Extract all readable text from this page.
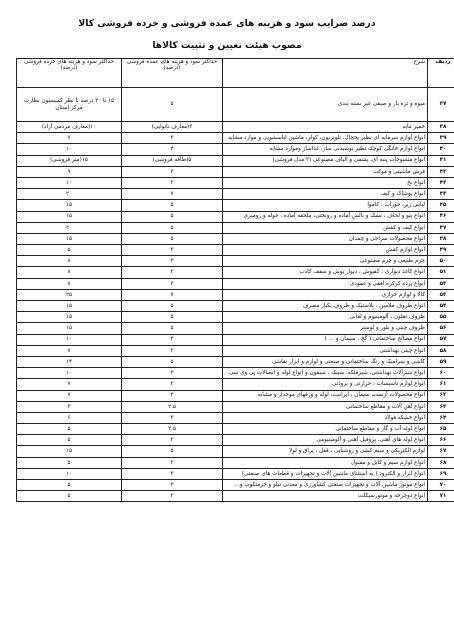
درصد ضرایب سود و هزینه های عمده فروشی و خرده فروشی کالا
مصوب هیئت تعیین و تثبیت کالاها
ردیف	شرح	حداکثر سود و هزینه های عمده فروشی (درصد)	حداکثر سود و هزینه های خرده فروشی (درصد)
۳۷	میوه و تره بار و صیفی غیر بسته بندی	۵	۱۵ تا ۳۰ درصد با نظر کمیسیون نظارت مرکز استان
۳۸	خمیر مایه	۳(معارف نانوایی)	۱۰(معارف مردمی آزاد)
۳۹	انواع لوازم سرمایه ای نظیر یخچال، تلویزیون، کولر، ماشین لباسشویی و موارد مشابه	۳	۷
۴۰	انواع لوازم خانگی کوچک نظیر نوشیدنی ساز، غذاساز وموارد مشابه	۴	۱۰
۴۱	انواع منسوجات پنبه ای، پشمی و الیاف مصنوعی (۳ مدل فروشی)	۵(طاقه فروشی)	۱۵(متر فروشی)
۴۲	فرش ماشینی و موکت	۳	۹
۴۳	انواع نخ	۳	۱۰
۴۴	انواع پوشاک و کیف	۷	۲۰
۴۵	لباس زیر، جوراب ، کاموا	۵	۱۵
۴۶	انواع پتو و لحاف ، تشک و بالش آماده و روتختی، ملحفه آماده ، حوله و رومیزی	۵	۱۵
۴۷	انواع کیف و کفش	۵	۲۰
۴۸	انواع محصولات سراجی و چمدان	۵	۱۵
۴۹	انواع لوازم کفش	۳	۵
۵۰	چرم طبیعی و چرم مصنوعی	۳	۸
۵۱	انواع کاغذ دیواری ، کفپوش ، دیوار پوش و سقف کاذب	۳	۸
۵۲	انواع پرده کرکره افقی و عمودی	۳	۸
۵۳	کالا و لوازم خرازی	۷	۲۵
۵۴	انواع ظروف ملامین ، پلاستیک و ظروف یکبار مصرف	۵	۱۵
۵۵	ظروف تفلون ، آلومینیوم و لعابی	۵	۱۵
۵۶	ظروف چینی و بلور و لوستر	۵	۱۵
۵۷	انواع مصالح ساختمانی ( گچ ، سیمان و ... )	۳	۱۰
۵۸	انواع چینی بهداشتی	۳	۷
۵۹	کاشی و سرامیک و رنگ ساختمانی و صنعتی و لوازم و ابزار نقاشی	۵	۱۴
۶۰	انواع شیرآلات بهداشتی، شیرفلکه، سینک ، سیفون و انواع لوله و اتصالات پی وی سی	۳	۱۰
۶۱	انواع لوازم تاسیسات ، حرارتی و برودتی	۳	۷
۶۲	انواع محصولات آزبست سیمان ، ایرانیت، لوله و ورقهای موجدار و مشابه	۳	۷
۶۳	انواع آهن آلات و مقاطع ساختمانی	۲.۵	۳
۶۴	انواع خشکه فولاد	۳	۶
۶۵	انواع لوله آب و گاز و مقاطع ساختمانی	۲.۵	۵
۶۶	انواع لوله های آهنی، پروفیل آهنی و آلومینیومی	۳	۵
۶۷	لوازم الکتریکی و سیم کشی و روشنایی ، قفل ، یراق و لولا	۵	۱۵
۶۸	انواع لوازم سیم و کابل و مفتول	۳	۵
۶۹	انواع ابزار و الکترود ( به استثنای ماشین آلات و تجهیزات و قطعات های صنعتی)	۳	۱۰
۷۰	انواع موتور ماشین آلات و تجهیزات صنعتی کشاورزی و معدنی تبلو و خرمنکوب و...	۳	۵
۷۱	انواع دوچرخه و موتورسیکلت	۳	۵
